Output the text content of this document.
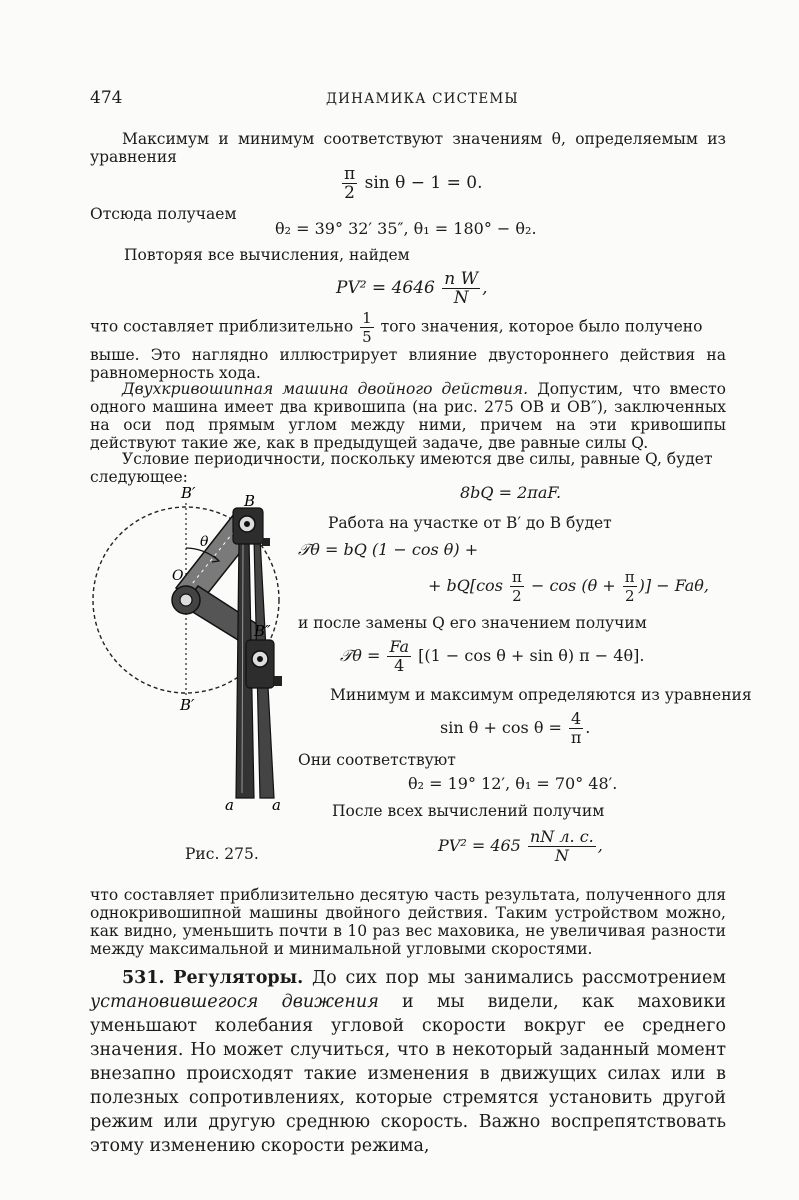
474	ДИНАМИКА СИСТЕМЫ
Максимум и минимум соответствуют значениям θ, определяемым из уравнения
$\frac{\pi}{2}$ sin θ − 1 = 0.
Отсюда получаем
θ₂ = 39° 32′ 35″, θ₁ = 180° − θ₂.
Повторяя все вычисления, найдем
$PV^2 = 4646 \frac{\text{n W}}{N}$ ,
что составляет приблизительно $\frac{1}{5}$ того значения, которое было получено
выше. Это наглядно иллюстрирует влияние двустороннего действия на равномерность хода.
Двухкривошипная машина двойного действия. Допустим, что вместо одного машина имеет два кривошипа (на рис. 275 OB и OB″), заключенных на оси под прямым углом между ними, причем на эти кривошипы действуют такие же, как в предыдущей задаче, две равные силы Q.
Условие периодичности, поскольку имеются две силы, равные Q, будет следующее:
8bQ = 2πaF.
B′	B
θ
O
B″
B′
a	a
Рис. 275.
Работа на участке от B′ до B будет
𝒯θ = bQ (1 − cos θ) +
+ $bQ[\cos \frac{\pi}{2} - \cos (\theta + \frac{\pi}{2}$ )] − Faθ,
и после замены Q его значением получим
𝒯θ = $\frac{Fa}{4} [(1 - \cos \theta + \sin \theta) \pi - 4\theta]$.
Минимум и максимум определяются из уравнения
$\sin \theta + \cos \theta = \frac{4}{\pi}$ .
Они соответствуют
θ₂ = 19° 12′, θ₁ = 70° 48′.
После всех вычислений получим
$PV^2 = 465 \frac{\text{nN л. с.}}{N}$ ,
что составляет приблизительно десятую часть результата, полученного для однокривошипной машины двойного действия. Таким устройством можно, как видно, уменьшить почти в 10 раз вес маховика, не увеличивая разности между максимальной и минимальной угловыми скоростями.
531. Регуляторы. До сих пор мы занимались рассмотрением установившегося движения и мы видели, как маховики уменьшают колебания угловой скорости вокруг ее среднего значения. Но может случиться, что в некоторый заданный момент внезапно происходят такие изменения в движущих силах или в полезных сопротивлениях, которые стремятся установить другой режим или другую среднюю скорость. Важно воспрепятствовать этому изменению скорости режима,
